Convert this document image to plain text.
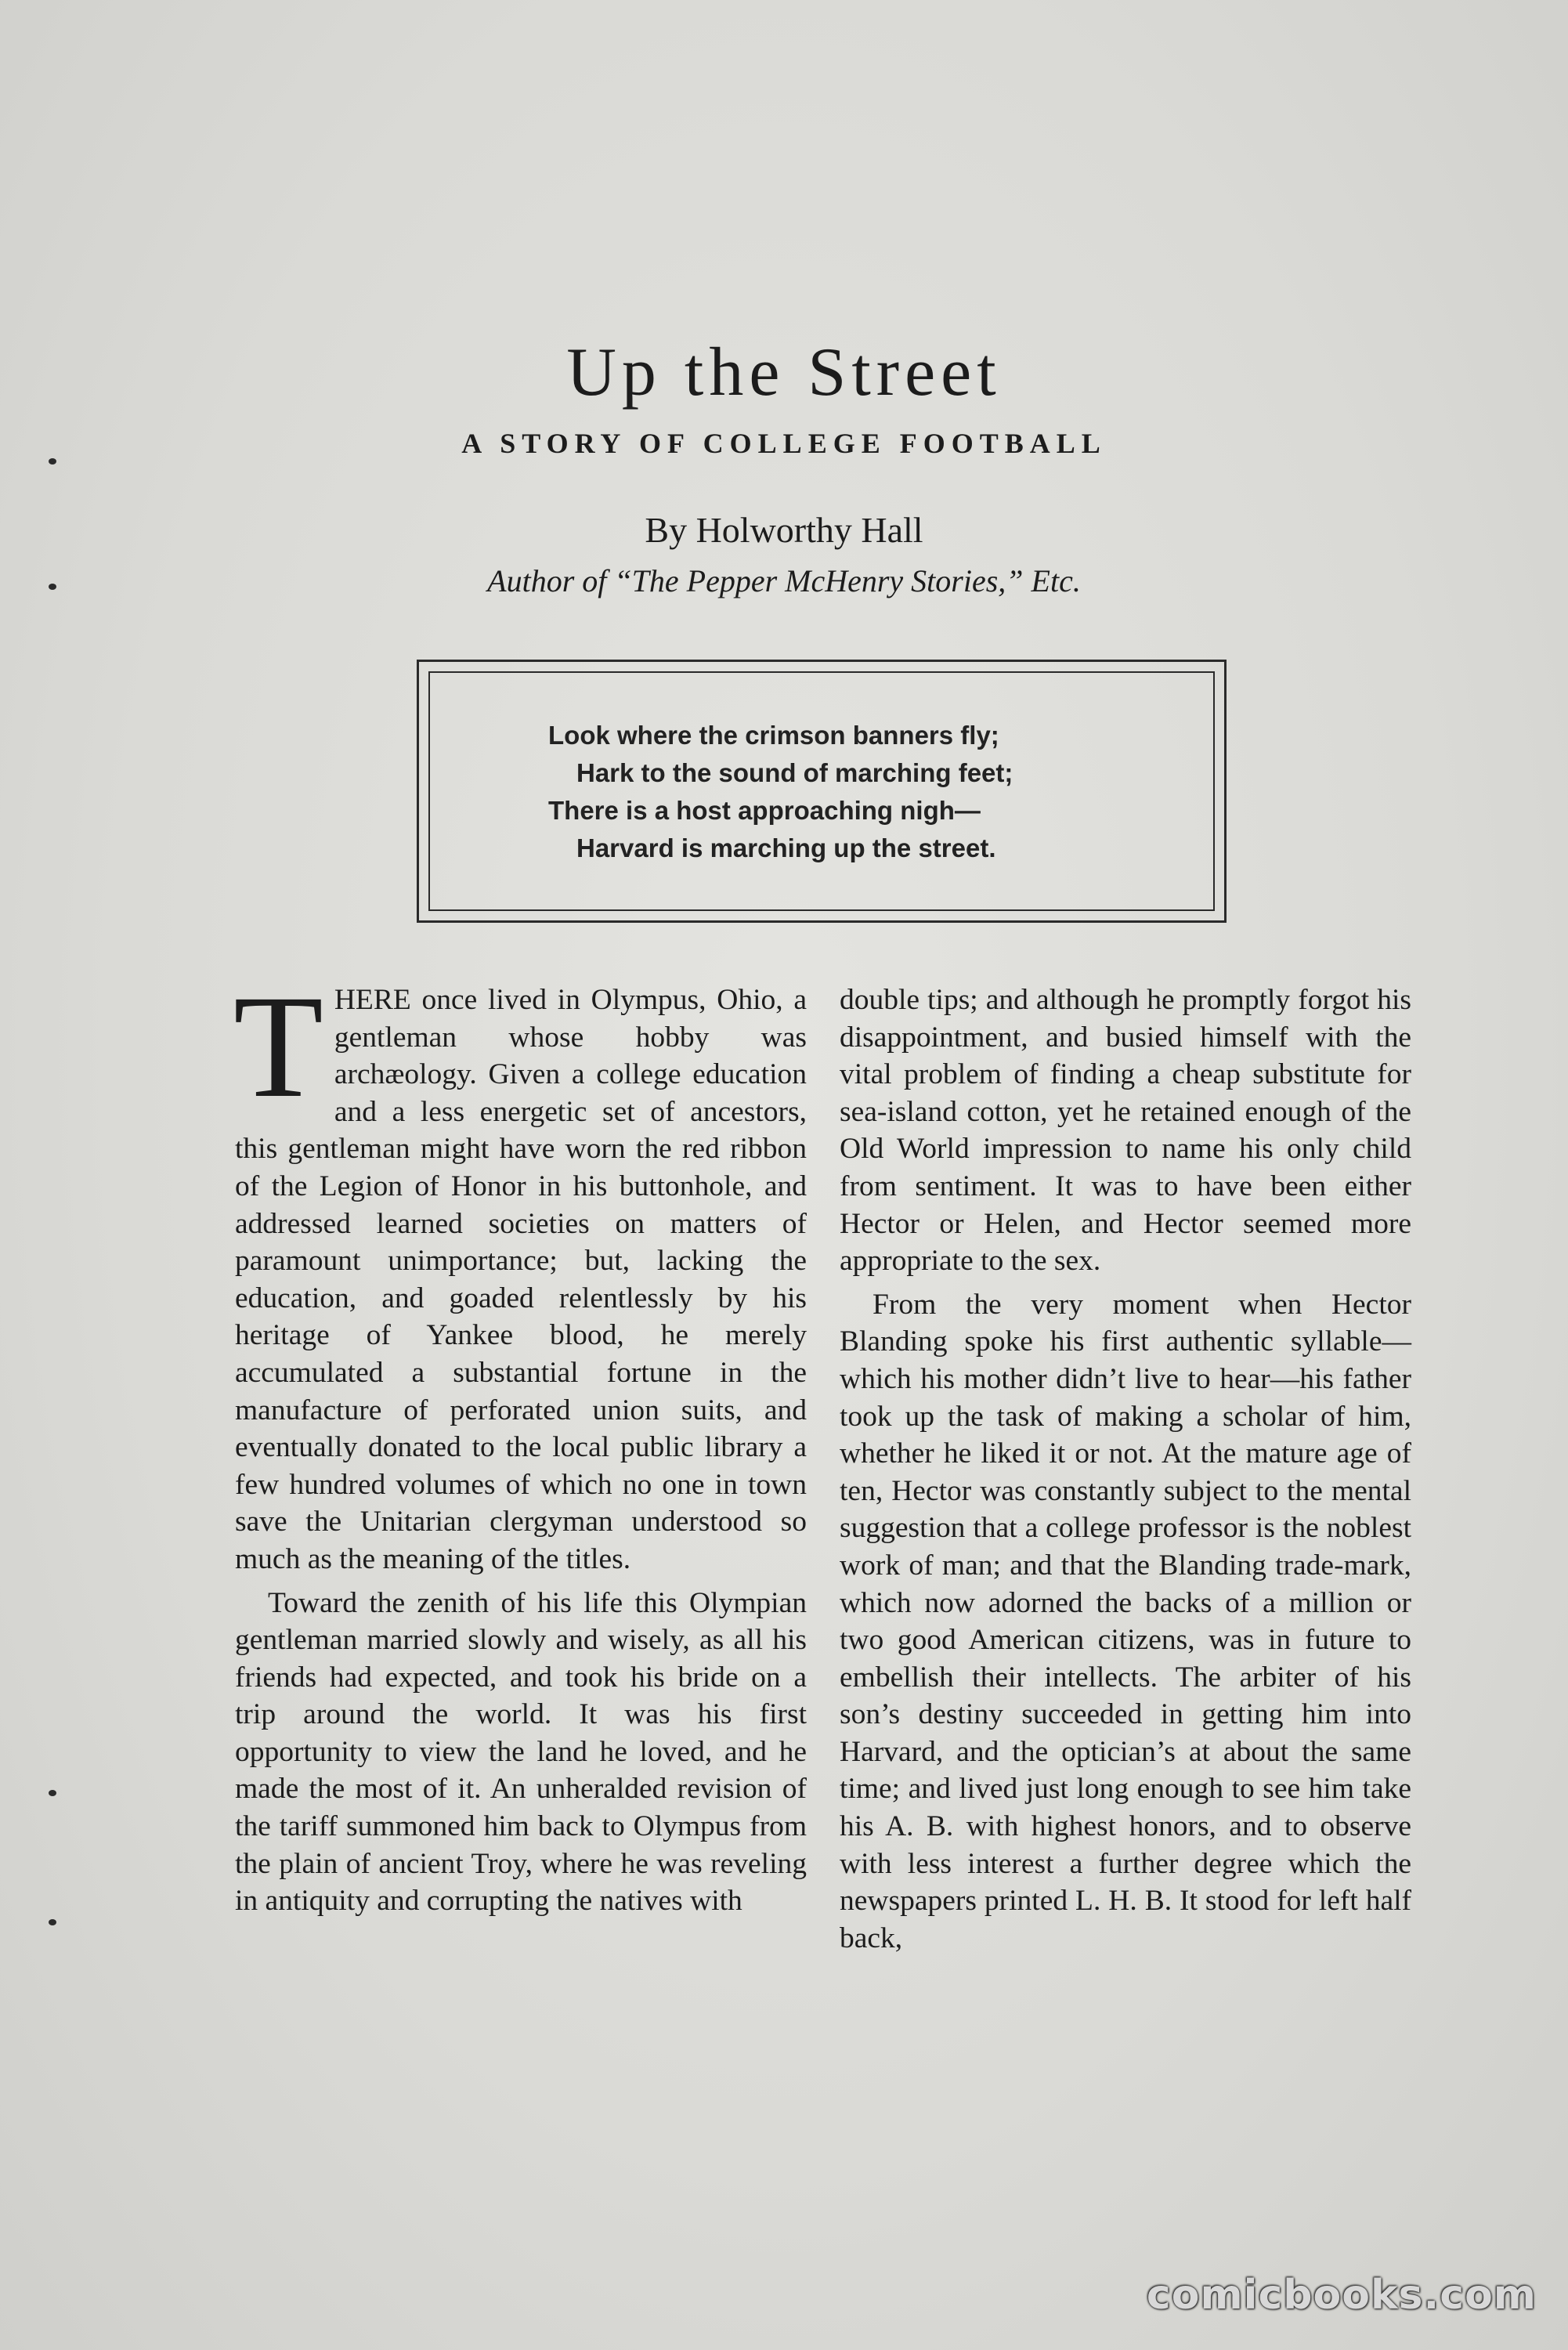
Up the Street
A STORY OF COLLEGE FOOTBALL
By Holworthy Hall
Author of “The Pepper McHenry Stories,” Etc.
Look where the crimson banners fly;
Hark to the sound of marching feet;
There is a host approaching nigh—
Harvard is marching up the street.

THERE once lived in Olympus, Ohio, a gentleman whose hobby was archæology. Given a college education and a less energetic set of ancestors, this gentleman might have worn the red ribbon of the Legion of Honor in his buttonhole, and addressed learned societies on matters of paramount unimportance; but, lacking the education, and goaded relentlessly by his heritage of Yankee blood, he merely accumulated a substantial fortune in the manufacture of perforated union suits, and eventually donated to the local public library a few hundred volumes of which no one in town save the Unitarian clergyman understood so much as the meaning of the titles.

Toward the zenith of his life this Olympian gentleman married slowly and wisely, as all his friends had expected, and took his bride on a trip around the world. It was his first opportunity to view the land he loved, and he made the most of it. An unheralded revision of the tariff summoned him back to Olympus from the plain of ancient Troy, where he was reveling in antiquity and corrupting the natives with

double tips; and although he promptly forgot his disappointment, and busied himself with the vital problem of finding a cheap substitute for sea-island cotton, yet he retained enough of the Old World impression to name his only child from sentiment. It was to have been either Hector or Helen, and Hector seemed more appropriate to the sex.

From the very moment when Hector Blanding spoke his first authentic syllable—which his mother didn’t live to hear—his father took up the task of making a scholar of him, whether he liked it or not. At the mature age of ten, Hector was constantly subject to the mental suggestion that a college professor is the noblest work of man; and that the Blanding trade-mark, which now adorned the backs of a million or two good American citizens, was in future to embellish their intellects. The arbiter of his son’s destiny succeeded in getting him into Harvard, and the optician’s at about the same time; and lived just long enough to see him take his A. B. with highest honors, and to observe with less interest a further degree which the newspapers printed L. H. B. It stood for left half back,

comicbooks.com
